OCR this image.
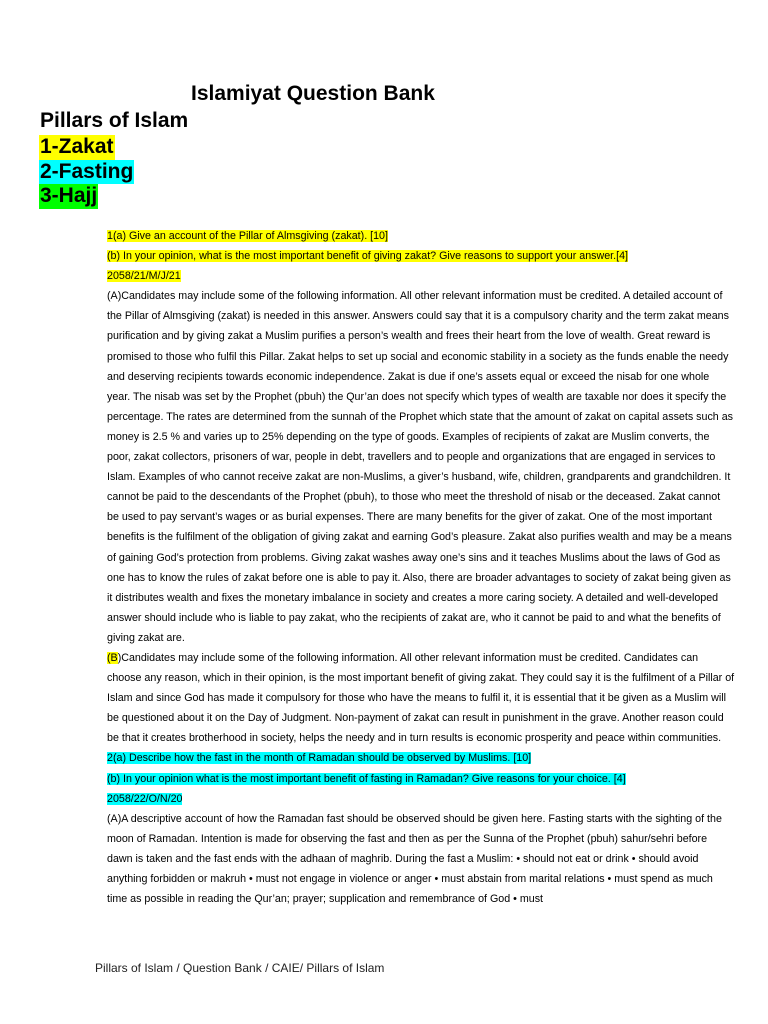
Islamiyat Question Bank
Pillars of Islam
1-Zakat
2-Fasting
3-Hajj

1(a) Give an account of the Pillar of Almsgiving (zakat). [10]

(b) In your opinion, what is the most important benefit of giving zakat? Give reasons to support your answer.[4]

2058/21/M/J/21

(A)Candidates may include some of the following information. All other relevant information must be credited. A detailed account of the Pillar of Almsgiving (zakat) is needed in this answer. Answers could say that it is a compulsory charity and the term zakat means purification and by giving zakat a Muslim purifies a person’s wealth and frees their heart from the love of wealth. Great reward is promised to those who fulfil this Pillar. Zakat helps to set up social and economic stability in a society as the funds enable the needy and deserving recipients towards economic independence. Zakat is due if one’s assets equal or exceed the nisab for one whole year. The nisab was set by the Prophet (pbuh) the Qur’an does not specify which types of wealth are taxable nor does it specify the percentage. The rates are determined from the sunnah of the Prophet which state that the amount of zakat on capital assets such as money is 2.5 % and varies up to 25% depending on the type of goods. Examples of recipients of zakat are Muslim converts, the poor, zakat collectors, prisoners of war, people in debt, travellers and to people and organizations that are engaged in services to Islam. Examples of who cannot receive zakat are non-Muslims, a giver’s husband, wife, children, grandparents and grandchildren. It cannot be paid to the descendants of the Prophet (pbuh), to those who meet the threshold of nisab or the deceased. Zakat cannot be used to pay servant’s wages or as burial expenses. There are many benefits for the giver of zakat. One of the most important benefits is the fulfilment of the obligation of giving zakat and earning God’s pleasure. Zakat also purifies wealth and may be a means of gaining God’s protection from problems. Giving zakat washes away one’s sins and it teaches Muslims about the laws of God as one has to know the rules of zakat before one is able to pay it. Also, there are broader advantages to society of zakat being given as it distributes wealth and fixes the monetary imbalance in society and creates a more caring society. A detailed and well-developed answer should include who is liable to pay zakat, who the recipients of zakat are, who it cannot be paid to and what the benefits of giving zakat are.

(B)Candidates may include some of the following information. All other relevant information must be credited. Candidates can choose any reason, which in their opinion, is the most important benefit of giving zakat. They could say it is the fulfilment of a Pillar of Islam and since God has made it compulsory for those who have the means to fulfil it, it is essential that it be given as a Muslim will be questioned about it on the Day of Judgment. Non-payment of zakat can result in punishment in the grave. Another reason could be that it creates brotherhood in society, helps the needy and in turn results is economic prosperity and peace within communities.

2(a) Describe how the fast in the month of Ramadan should be observed by Muslims. [10]

(b) In your opinion what is the most important benefit of fasting in Ramadan? Give reasons for your choice. [4]

2058/22/O/N/20

(A)A descriptive account of how the Ramadan fast should be observed should be given here. Fasting starts with the sighting of the moon of Ramadan. Intention is made for observing the fast and then as per the Sunna of the Prophet (pbuh) sahur/sehri before dawn is taken and the fast ends with the adhaan of maghrib. During the fast a Muslim: • should not eat or drink • should avoid anything forbidden or makruh • must not engage in violence or anger • must abstain from marital relations • must spend as much time as possible in reading the Qur’an; prayer; supplication and remembrance of God • must

Pillars of Islam / Question Bank / CAIE/ Pillars of Islam
